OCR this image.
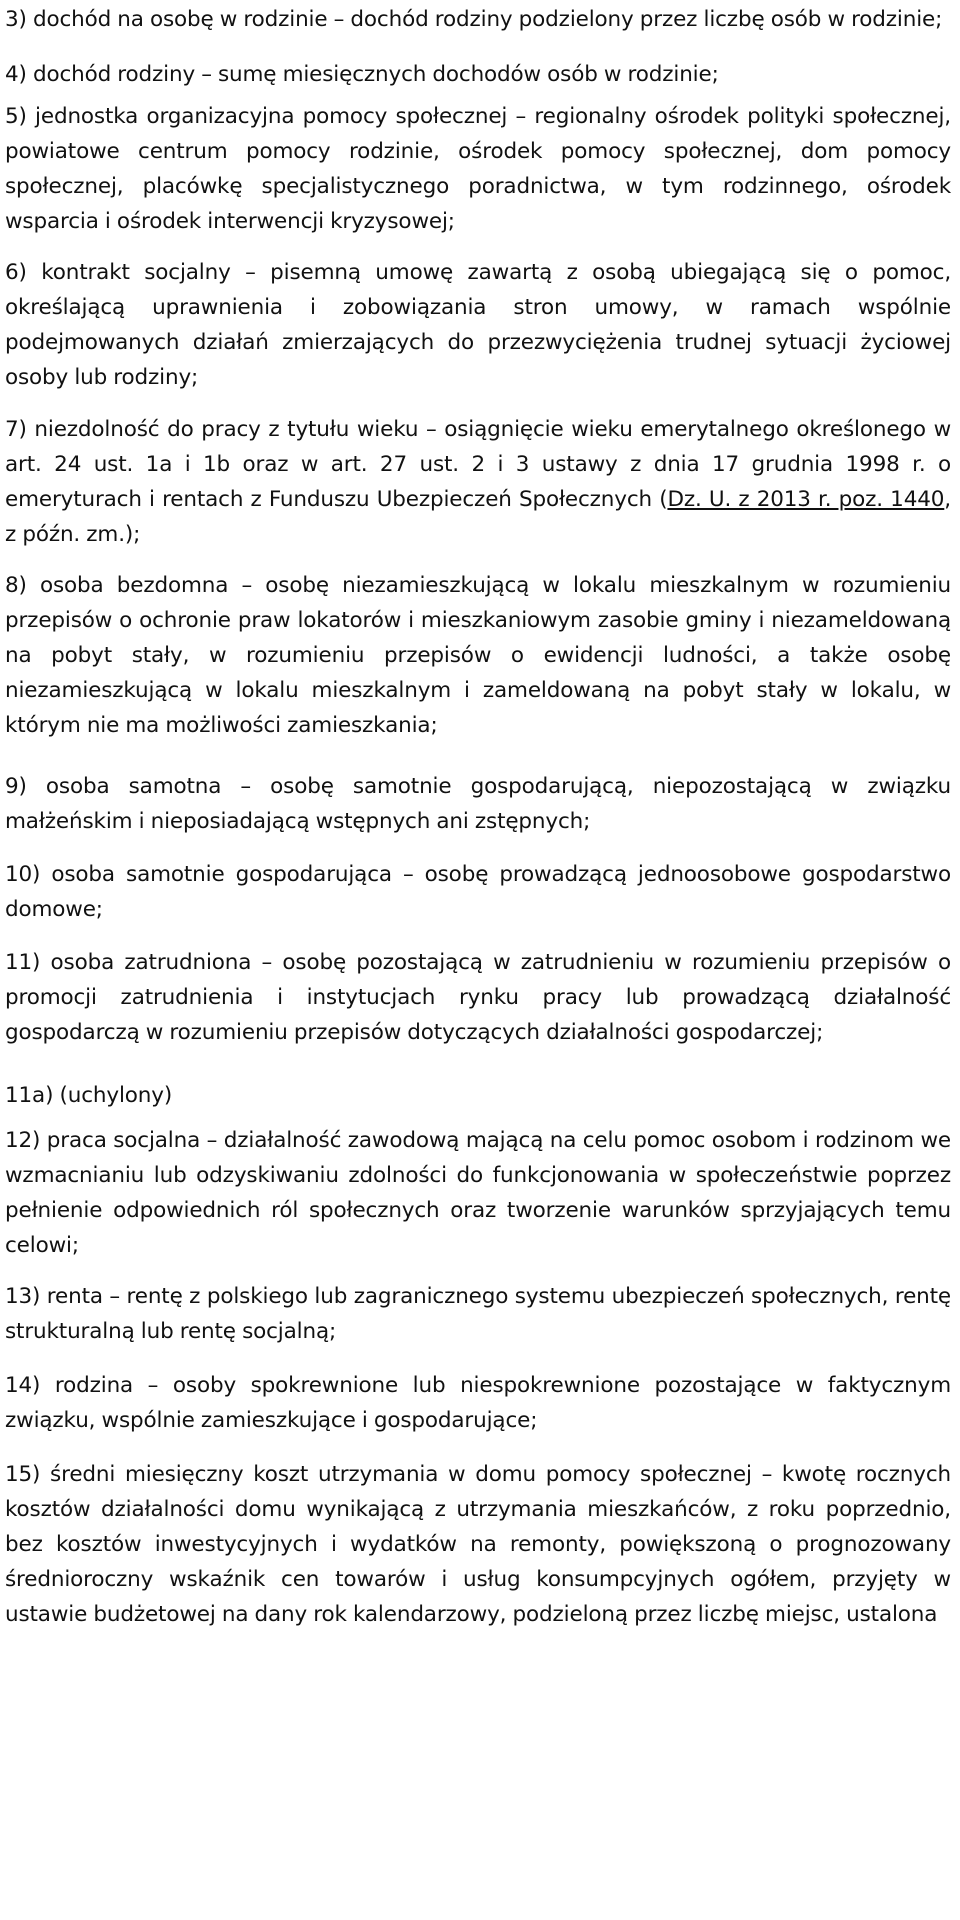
3) dochód na osobę w rodzinie – dochód rodziny podzielony przez liczbę osób w rodzinie;

4) dochód rodziny – sumę miesięcznych dochodów osób w rodzinie;

5) jednostka organizacyjna pomocy społecznej – regionalny ośrodek polityki społecznej, powiatowe centrum pomocy rodzinie, ośrodek pomocy społecznej, dom pomocy społecznej, placówkę specjalistycznego poradnictwa, w tym rodzinnego, ośrodek wsparcia i ośrodek interwencji kryzysowej;

6) kontrakt socjalny – pisemną umowę zawartą z osobą ubiegającą się o pomoc, określającą uprawnienia i zobowiązania stron umowy, w ramach wspólnie podejmowanych działań zmierzających do przezwyciężenia trudnej sytuacji życiowej osoby lub rodziny;

7) niezdolność do pracy z tytułu wieku – osiągnięcie wieku emerytalnego określonego w art. 24 ust. 1a i 1b oraz w art. 27 ust. 2 i 3 ustawy z dnia 17 grudnia 1998 r. o emeryturach i rentach z Funduszu Ubezpieczeń Społecznych (Dz. U. z 2013 r. poz. 1440, z późn. zm.);

8) osoba bezdomna – osobę niezamieszkującą w lokalu mieszkalnym w rozumieniu przepisów o ochronie praw lokatorów i mieszkaniowym zasobie gminy i niezameldowaną na pobyt stały, w rozumieniu przepisów o ewidencji ludności, a także osobę niezamieszkującą w lokalu mieszkalnym i zameldowaną na pobyt stały w lokalu, w którym nie ma możliwości zamieszkania;

9) osoba samotna – osobę samotnie gospodarującą, niepozostającą w związku małżeńskim i nieposiadającą wstępnych ani zstępnych;

10) osoba samotnie gospodarująca – osobę prowadzącą jednoosobowe gospodarstwo domowe;

11) osoba zatrudniona – osobę pozostającą w zatrudnieniu w rozumieniu przepisów o promocji zatrudnienia i instytucjach rynku pracy lub prowadzącą działalność gospodarczą w rozumieniu przepisów dotyczących działalności gospodarczej;

11a) (uchylony)

12) praca socjalna – działalność zawodową mającą na celu pomoc osobom i rodzinom we wzmacnianiu lub odzyskiwaniu zdolności do funkcjonowania w społeczeństwie poprzez pełnienie odpowiednich ról społecznych oraz tworzenie warunków sprzyjających temu celowi;

13) renta – rentę z polskiego lub zagranicznego systemu ubezpieczeń społecznych, rentę strukturalną lub rentę socjalną;

14) rodzina – osoby spokrewnione lub niespokrewnione pozostające w faktycznym związku, wspólnie zamieszkujące i gospodarujące;

15) średni miesięczny koszt utrzymania w domu pomocy społecznej – kwotę rocznych kosztów działalności domu wynikającą z utrzymania mieszkańców, z roku poprzednio, bez kosztów inwestycyjnych i wydatków na remonty, powiększoną o prognozowany średnioroczny wskaźnik cen towarów i usług konsumpcyjnych ogółem, przyjęty w ustawie budżetowej na dany rok kalendarzowy, podzieloną przez liczbę miejsc, ustalona
